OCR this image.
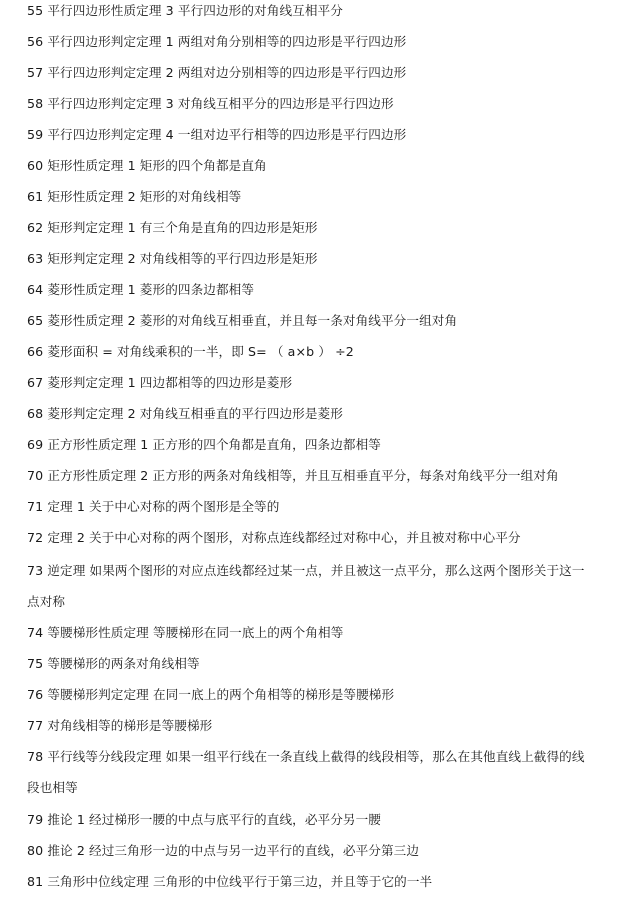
55 平行四边形性质定理 3 平行四边形的对角线互相平分
56 平行四边形判定定理 1 两组对角分别相等的四边形是平行四边形
57 平行四边形判定定理 2 两组对边分别相等的四边形是平行四边形
58 平行四边形判定定理 3 对角线互相平分的四边形是平行四边形
59 平行四边形判定定理 4 一组对边平行相等的四边形是平行四边形
60 矩形性质定理 1 矩形的四个角都是直角
61 矩形性质定理 2 矩形的对角线相等
62 矩形判定定理 1 有三个角是直角的四边形是矩形
63 矩形判定定理 2 对角线相等的平行四边形是矩形
64 菱形性质定理 1 菱形的四条边都相等
65 菱形性质定理 2 菱形的对角线互相垂直，并且每一条对角线平分一组对角
66 菱形面积 = 对角线乘积的一半，即 S= （ a×b ） ÷2
67 菱形判定定理 1 四边都相等的四边形是菱形
68 菱形判定定理 2 对角线互相垂直的平行四边形是菱形
69 正方形性质定理 1 正方形的四个角都是直角，四条边都相等
70 正方形性质定理 2 正方形的两条对角线相等，并且互相垂直平分，每条对角线平分一组对角
71 定理 1 关于中心对称的两个图形是全等的
72 定理 2 关于中心对称的两个图形，对称点连线都经过对称中心，并且被对称中心平分
73 逆定理 如果两个图形的对应点连线都经过某一点，并且被这一点平分，那么这两个图形关于这一
点对称
74 等腰梯形性质定理 等腰梯形在同一底上的两个角相等
75 等腰梯形的两条对角线相等
76 等腰梯形判定定理 在同一底上的两个角相等的梯形是等腰梯形
77 对角线相等的梯形是等腰梯形
78 平行线等分线段定理 如果一组平行线在一条直线上截得的线段相等，那么在其他直线上截得的线
段也相等
79 推论 1 经过梯形一腰的中点与底平行的直线，必平分另一腰
80 推论 2 经过三角形一边的中点与另一边平行的直线，必平分第三边
81 三角形中位线定理 三角形的中位线平行于第三边，并且等于它的一半
